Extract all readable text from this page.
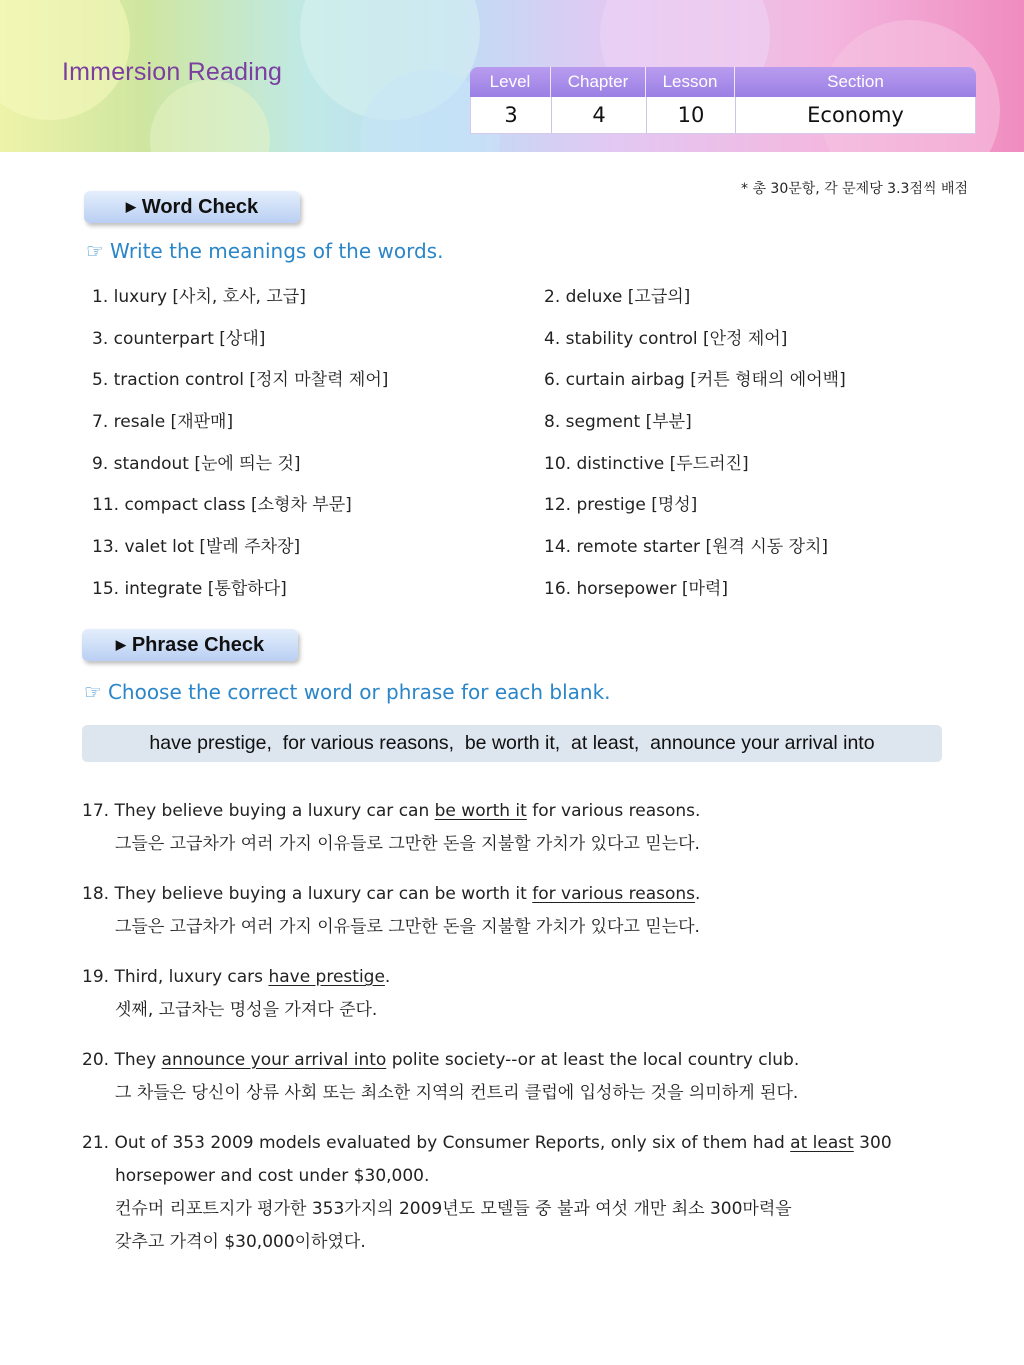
Immersion Reading	Level	Chapter	Lesson	Section
3	4	10	Economy
* 총 30문항, 각 문제당 3.3점씩 배점
▶ Word Check
☞ Write the meanings of the words.
1. luxury [사치, 호사, 고급]	2. deluxe [고급의]
3. counterpart [상대]	4. stability control [안정 제어]
5. traction control [정지 마찰력 제어]	6. curtain airbag [커튼 형태의 에어백]
7. resale [재판매]	8. segment [부분]
9. standout [눈에 띄는 것]	10. distinctive [두드러진]
11. compact class [소형차 부문]	12. prestige [명성]
13. valet lot [발레 주차장]	14. remote starter [원격 시동 장치]
15. integrate [통합하다]	16. horsepower [마력]
▶ Phrase Check
☞ Choose the correct word or phrase for each blank.
have prestige,  for various reasons,  be worth it,  at least,  announce your arrival into
17. They believe buying a luxury car can be worth it for various reasons.
그들은 고급차가 여러 가지 이유들로 그만한 돈을 지불할 가치가 있다고 믿는다.
18. They believe buying a luxury car can be worth it for various reasons.
그들은 고급차가 여러 가지 이유들로 그만한 돈을 지불할 가치가 있다고 믿는다.
19. Third, luxury cars have prestige.
셋째, 고급차는 명성을 가져다 준다.
20. They announce your arrival into polite society--or at least the local country club.
그 차들은 당신이 상류 사회 또는 최소한 지역의 컨트리 클럽에 입성하는 것을 의미하게 된다.
21. Out of 353 2009 models evaluated by Consumer Reports, only six of them had at least 300
horsepower and cost under $30,000.
컨슈머 리포트지가 평가한 353가지의 2009년도 모델들 중 불과 여섯 개만 최소 300마력을
갖추고 가격이 $30,000이하였다.
